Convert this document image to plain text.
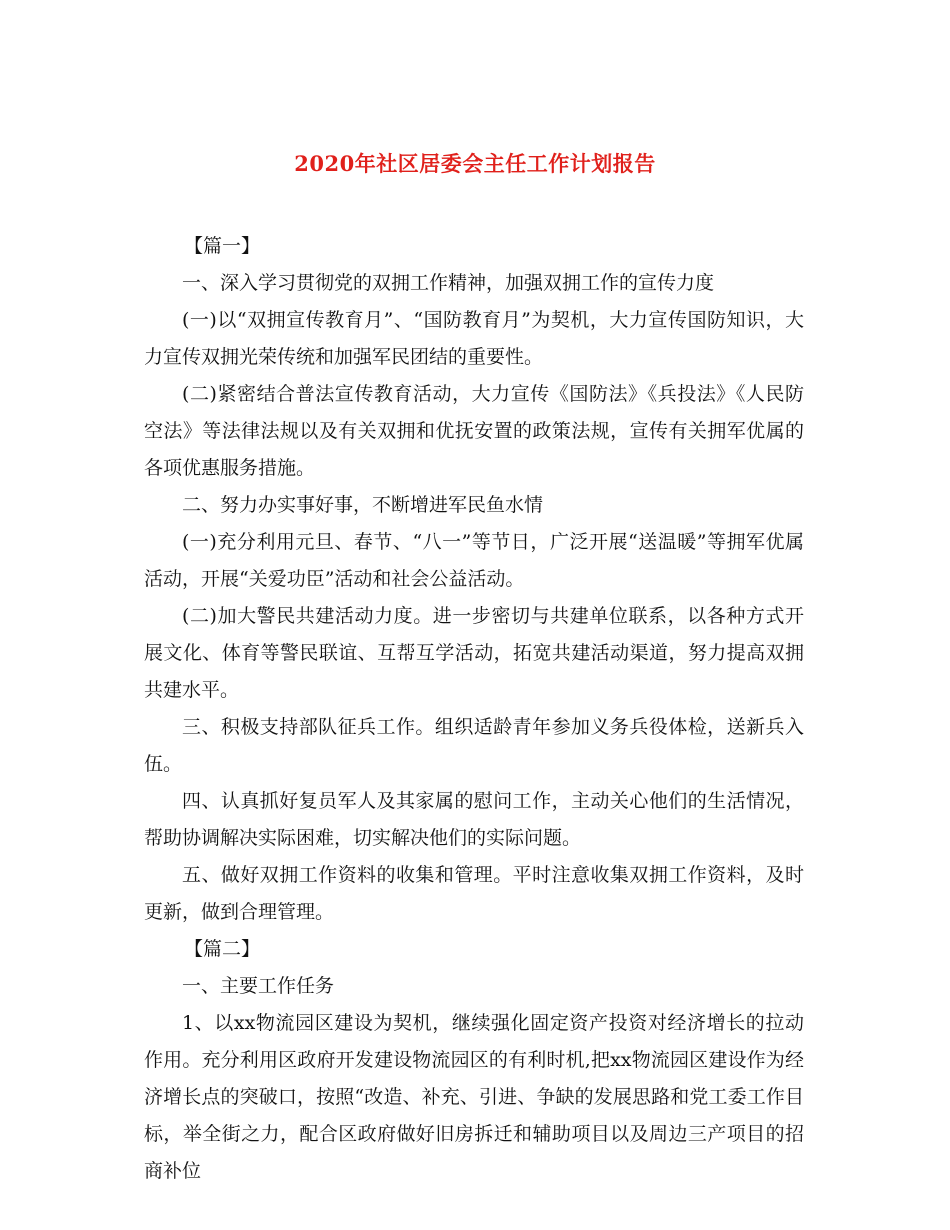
2020年社区居委会主任工作计划报告

【篇一】

一、深入学习贯彻党的双拥工作精神，加强双拥工作的宣传力度

(一)以“双拥宣传教育月”、“国防教育月”为契机，大力宣传国防知识，大力宣传双拥光荣传统和加强军民团结的重要性。

(二)紧密结合普法宣传教育活动，大力宣传《国防法》《兵投法》《人民防空法》等法律法规以及有关双拥和优抚安置的政策法规，宣传有关拥军优属的各项优惠服务措施。

二、努力办实事好事，不断增进军民鱼水情

(一)充分利用元旦、春节、“八一”等节日，广泛开展“送温暖”等拥军优属活动，开展“关爱功臣”活动和社会公益活动。

(二)加大警民共建活动力度。进一步密切与共建单位联系，以各种方式开展文化、体育等警民联谊、互帮互学活动，拓宽共建活动渠道，努力提高双拥共建水平。

三、积极支持部队征兵工作。组织适龄青年参加义务兵役体检，送新兵入伍。

四、认真抓好复员军人及其家属的慰问工作，主动关心他们的生活情况，帮助协调解决实际困难，切实解决他们的实际问题。

五、做好双拥工作资料的收集和管理。平时注意收集双拥工作资料，及时更新，做到合理管理。

【篇二】

一、主要工作任务

1、以xx物流园区建设为契机，继续强化固定资产投资对经济增长的拉动作用。充分利用区政府开发建设物流园区的有利时机,把xx物流园区建设作为经济增长点的突破口，按照“改造、补充、引进、争缺的发展思路和党工委工作目标，举全街之力，配合区政府做好旧房拆迁和辅助项目以及周边三产项目的招商补位
